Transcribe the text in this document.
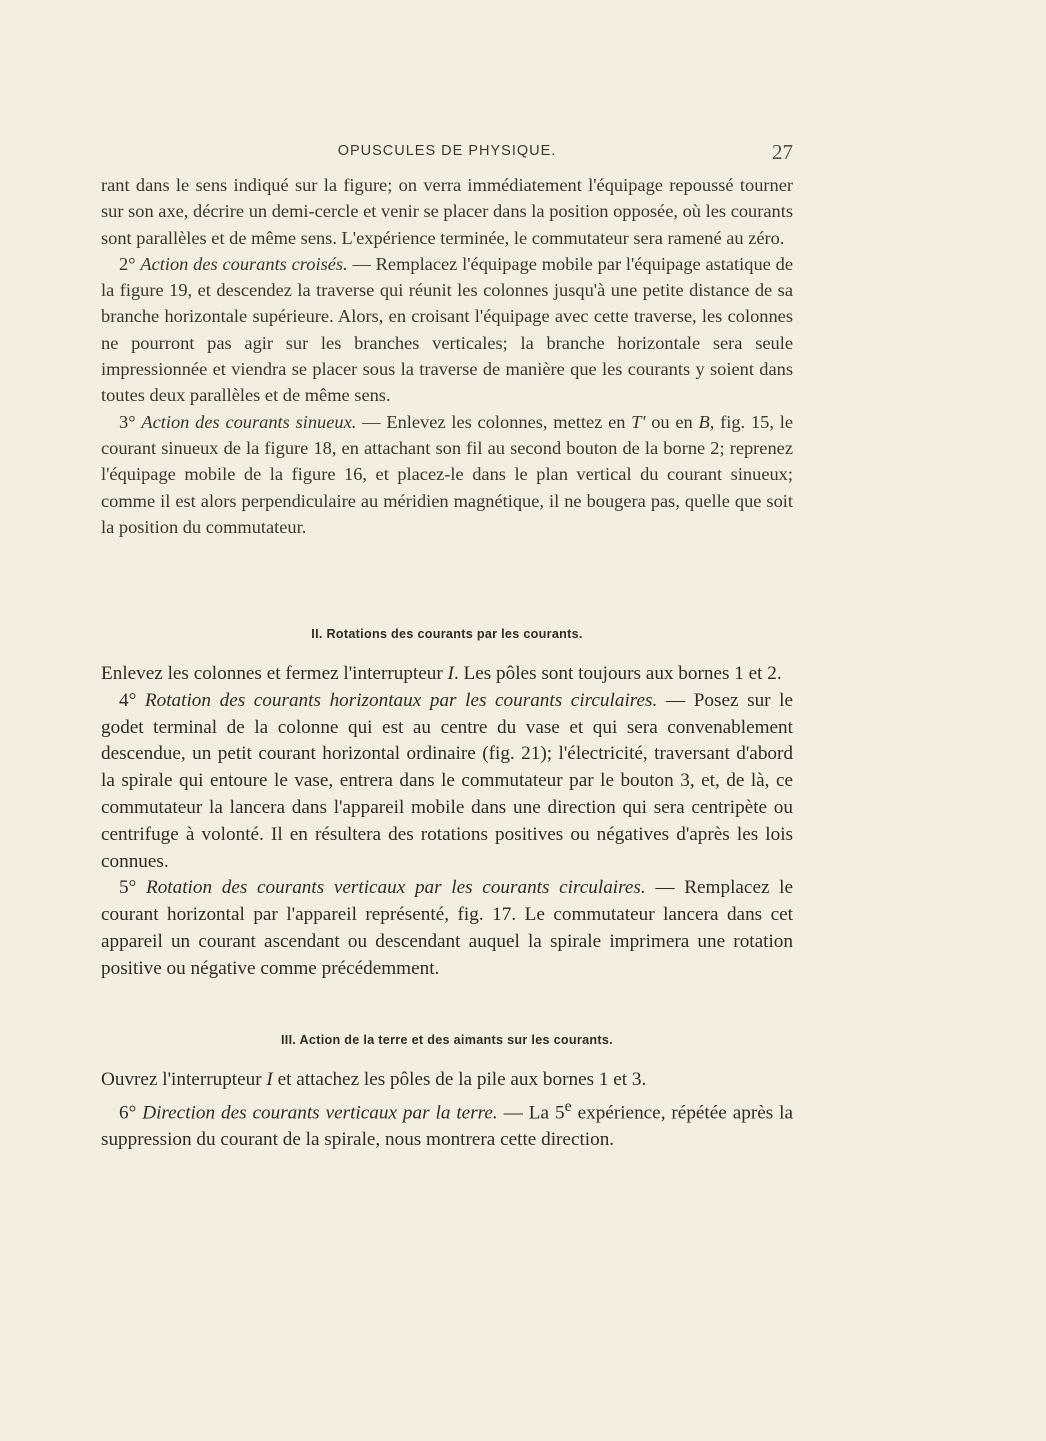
OPUSCULES DE PHYSIQUE.	27

rant dans le sens indiqué sur la figure; on verra immédiatement l'équipage repoussé tourner sur son axe, décrire un demi-cercle et venir se placer dans la position opposée, où les courants sont parallèles et de même sens. L'expérience terminée, le commutateur sera ramené au zéro.

2° Action des courants croisés. — Remplacez l'équipage mobile par l'équipage astatique de la figure 19, et descendez la traverse qui réunit les colonnes jusqu'à une petite distance de sa branche horizontale supérieure. Alors, en croisant l'équipage avec cette traverse, les colonnes ne pourront pas agir sur les branches verticales; la branche horizontale sera seule impressionnée et viendra se placer sous la traverse de manière que les courants y soient dans toutes deux parallèles et de même sens.

3° Action des courants sinueux. — Enlevez les colonnes, mettez en T' ou en B, fig. 15, le courant sinueux de la figure 18, en attachant son fil au second bouton de la borne 2; reprenez l'équipage mobile de la figure 16, et placez-le dans le plan vertical du courant sinueux; comme il est alors perpendiculaire au méridien magnétique, il ne bougera pas, quelle que soit la position du commutateur.

II. Rotations des courants par les courants.

Enlevez les colonnes et fermez l'interrupteur I. Les pôles sont toujours aux bornes 1 et 2.

4° Rotation des courants horizontaux par les courants circulaires. — Posez sur le godet terminal de la colonne qui est au centre du vase et qui sera convenablement descendue, un petit courant horizontal ordinaire (fig. 21); l'électricité, traversant d'abord la spirale qui entoure le vase, entrera dans le commutateur par le bouton 3, et, de là, ce commutateur la lancera dans l'appareil mobile dans une direction qui sera centripète ou centrifuge à volonté. Il en résultera des rotations positives ou négatives d'après les lois connues.

5° Rotation des courants verticaux par les courants circulaires. — Remplacez le courant horizontal par l'appareil représenté, fig. 17. Le commutateur lancera dans cet appareil un courant ascendant ou descendant auquel la spirale imprimera une rotation positive ou négative comme précédemment.

III. Action de la terre et des aimants sur les courants.

Ouvrez l'interrupteur I et attachez les pôles de la pile aux bornes 1 et 3.

6° Direction des courants verticaux par la terre. — La 5e expérience, répétée après la suppression du courant de la spirale, nous montrera cette direction.
